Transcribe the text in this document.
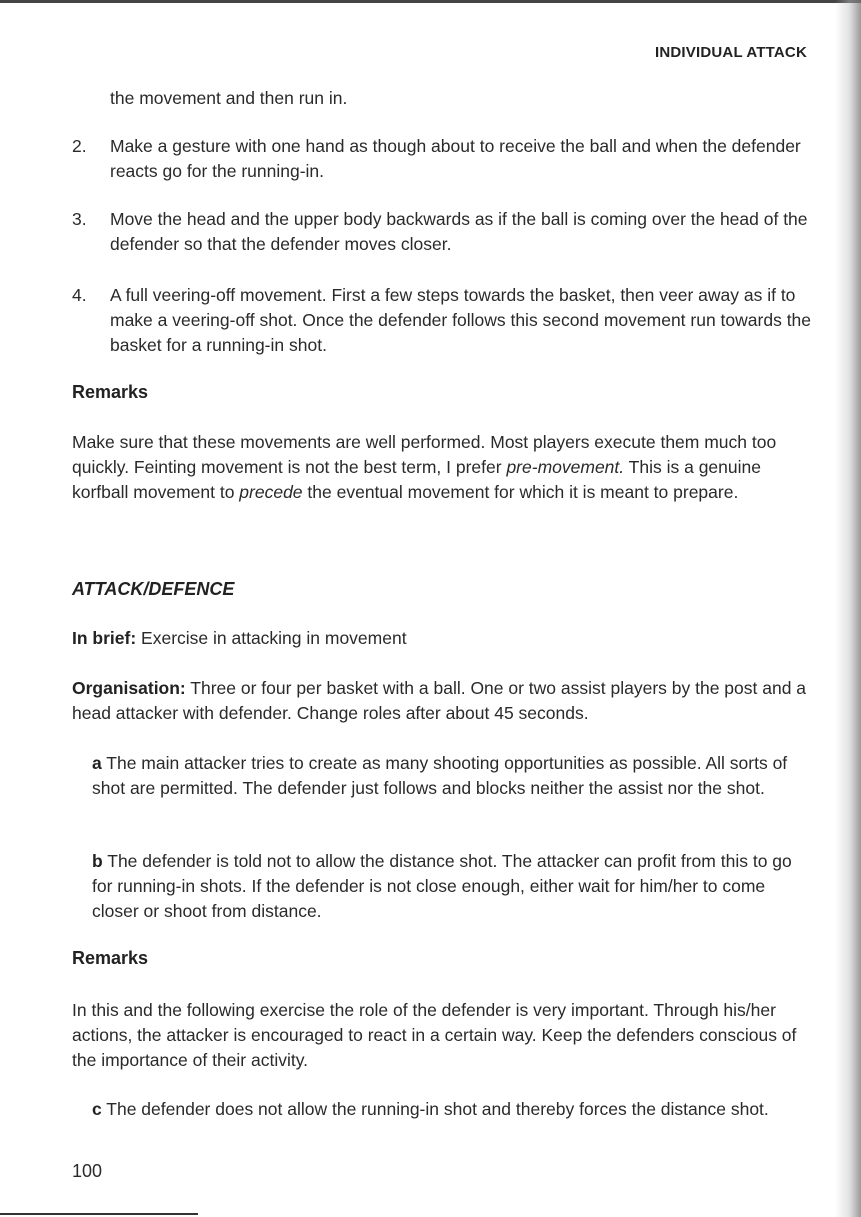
INDIVIDUAL ATTACK
the movement and then run in.
2. Make a gesture with one hand as though about to receive the ball and when the defender reacts go for the running-in.
3. Move the head and the upper body backwards as if the ball is coming over the head of the defender so that the defender moves closer.
4. A full veering-off movement. First a few steps towards the basket, then veer away as if to make a veering-off shot. Once the defender follows this second movement run towards the basket for a running-in shot.
Remarks
Make sure that these movements are well performed. Most players execute them much too quickly. Feinting movement is not the best term, I prefer pre-movement. This is a genuine korfball movement to precede the eventual movement for which it is meant to prepare.
ATTACK/DEFENCE
In brief: Exercise in attacking in movement
Organisation: Three or four per basket with a ball. One or two assist players by the post and a head attacker with defender. Change roles after about 45 seconds.
a The main attacker tries to create as many shooting opportunities as possible. All sorts of shot are permitted. The defender just follows and blocks neither the assist nor the shot.
b The defender is told not to allow the distance shot. The attacker can profit from this to go for running-in shots. If the defender is not close enough, either wait for him/her to come closer or shoot from distance.
Remarks
In this and the following exercise the role of the defender is very important. Through his/her actions, the attacker is encouraged to react in a certain way. Keep the defenders conscious of the importance of their activity.
c The defender does not allow the running-in shot and thereby forces the distance shot.
100
